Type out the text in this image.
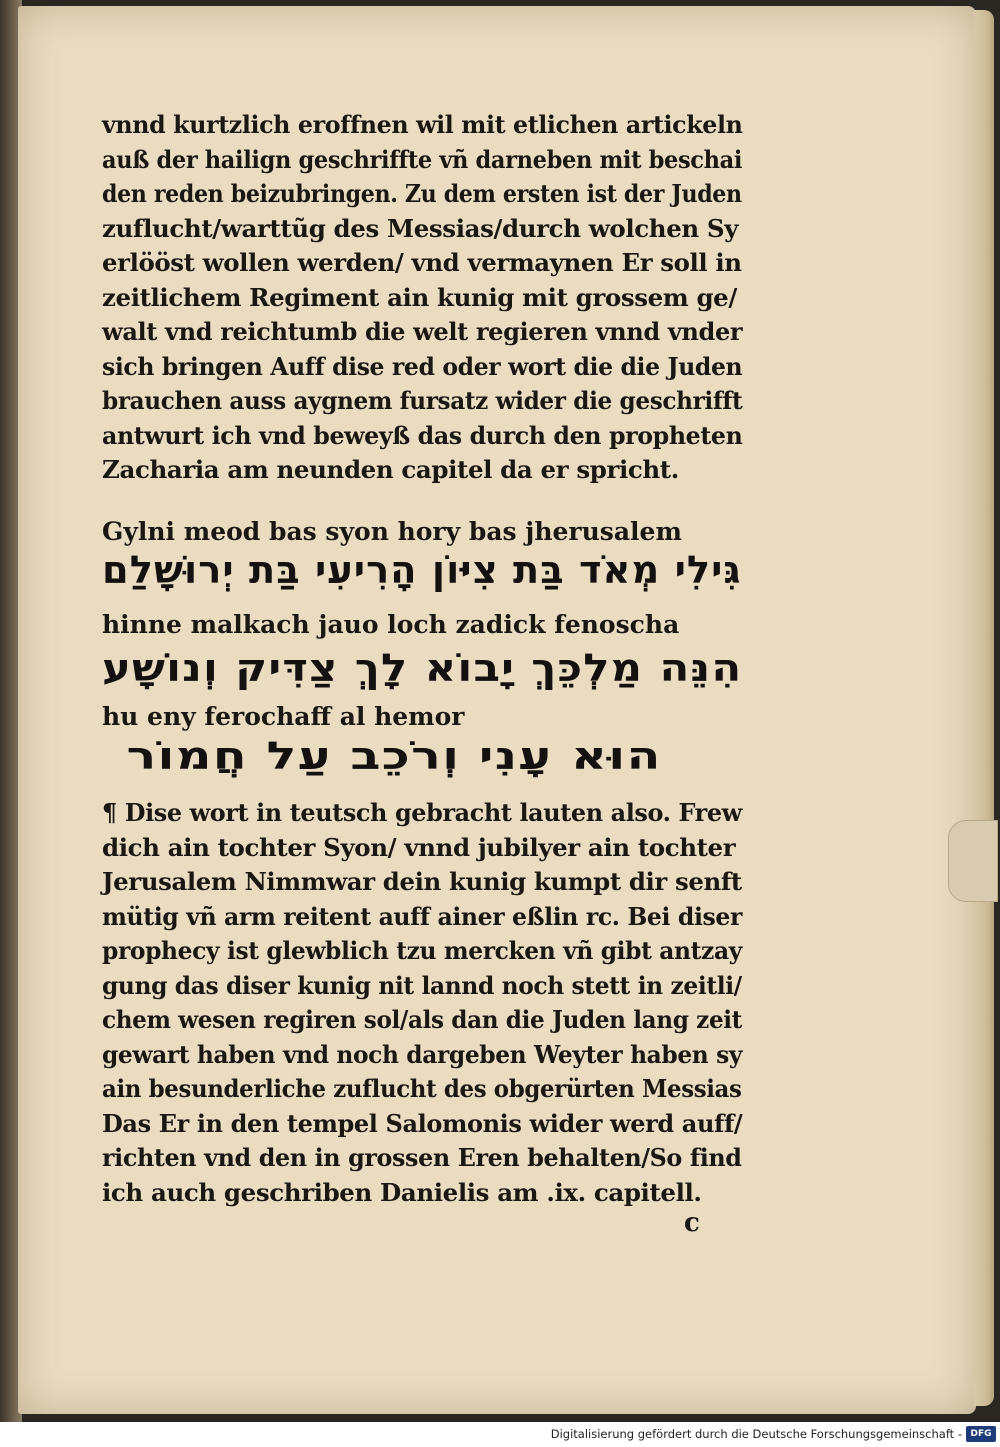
vnnd kurtzlich eroffnen wil mit etlichen artickeln
auß der hailign geschriffte vñ darneben mit beschai
den reden beizubringen. Zu dem ersten ist der Juden
zuflucht/warttũg des Messias/durch wolchen Sy
erlööst wollen werden/ vnd vermaynen Er soll in
zeitlichem Regiment ain kunig mit grossem ge/
walt vnd reichtumb die welt regieren vnnd vnder
sich bringen Auff dise red oder wort die die Juden
brauchen auss aygnem fursatz wider die geschrifft
antwurt ich vnd beweyß das durch den propheten
Zacharia am neunden capitel da er spricht.
Gylni meod bas syon hory bas jherusalem
גִּילִי מְאֹד בַּת צִיּוֹן הָרִיעִי בַּת יְרוּשָׁלַם
hinne malkach jauo loch zadick fenoscha
הִנֵּה מַלְכֵּךְ יָבוֹא לָךְ צַדִּיק וְנוֹשָׁע
hu eny ferochaff al hemor
הוּא עָנִי וְרֹכֵב עַל חֲמוֹר
¶ Dise wort in teutsch gebracht lauten also. Frew
dich ain tochter Syon/ vnnd jubilyer ain tochter
Jerusalem Nimmwar dein kunig kumpt dir senft
mütig vñ arm reitent auff ainer eßlin rc. Bei diser
prophecy ist glewblich tzu mercken vñ gibt antzay
gung das diser kunig nit lannd noch stett in zeitli/
chem wesen regiren sol/als dan die Juden lang zeit
gewart haben vnd noch dargeben Weyter haben sy
ain besunderliche zuflucht des obgerürten Messias
Das Er in den tempel Salomonis wider werd auff/
richten vnd den in grossen Eren behalten/So find
ich auch geschriben Danielis am .ix. capitell.
c
Digitalisierung gefördert durch die Deutsche Forschungsgemeinschaft - DFG
